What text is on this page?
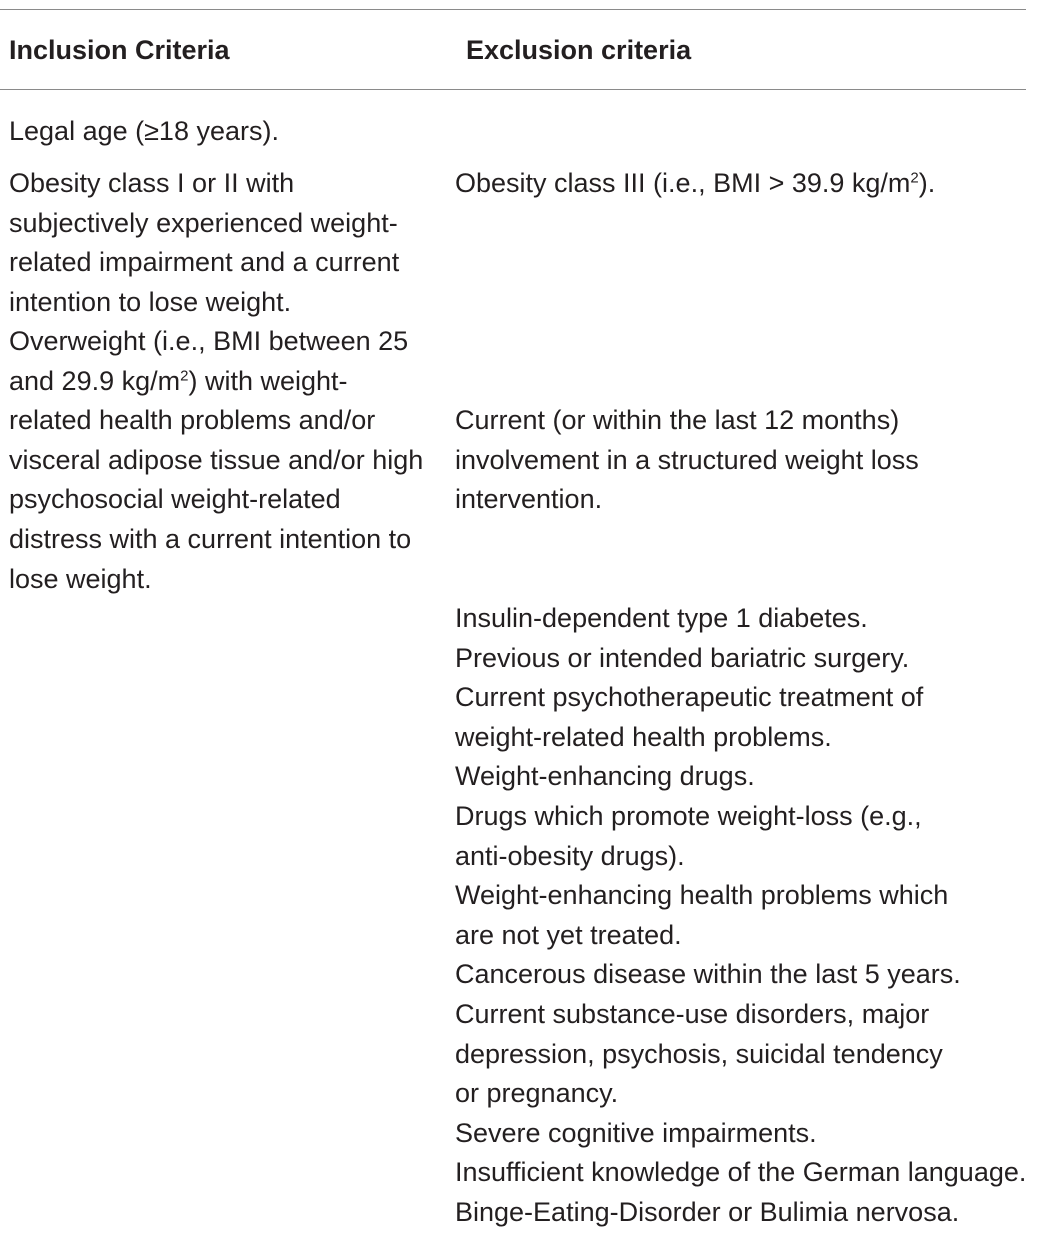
Inclusion Criteria	Exclusion criteria
Legal age (≥18 years).
Obesity class I or II with
subjectively experienced weight-
related impairment and a current
intention to lose weight.
Overweight (i.e., BMI between 25
and 29.9 $kg/m^2$) with weight-
related health problems and/or
visceral adipose tissue and/or high
psychosocial weight-related
distress with a current intention to
lose weight.
Obesity class III (i.e., BMI > 39.9 $kg/m^2$).
Current (or within the last 12 months)
involvement in a structured weight loss
intervention.
Insulin-dependent type 1 diabetes.
Previous or intended bariatric surgery.
Current psychotherapeutic treatment of
weight-related health problems.
Weight-enhancing drugs.
Drugs which promote weight-loss (e.g.,
anti-obesity drugs).
Weight-enhancing health problems which
are not yet treated.
Cancerous disease within the last 5 years.
Current substance-use disorders, major
depression, psychosis, suicidal tendency
or pregnancy.
Severe cognitive impairments.
Insufficient knowledge of the German language.
Binge-Eating-Disorder or Bulimia nervosa.
